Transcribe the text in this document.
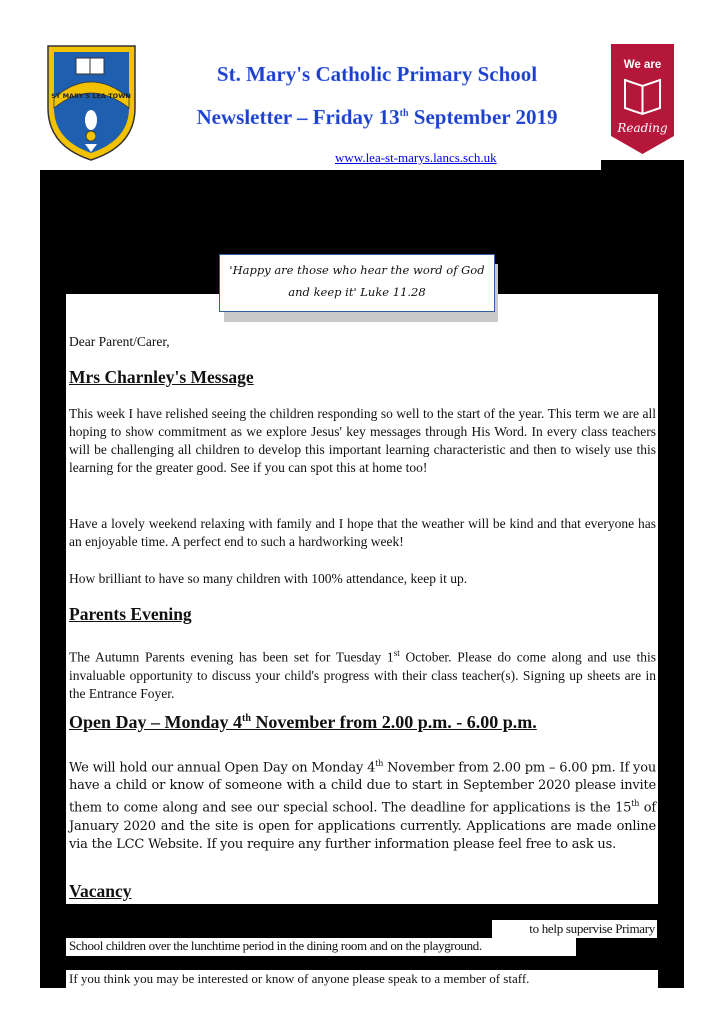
ST MARY'S LEA TOWN
We are
Reading
St. Mary's Catholic Primary School
Newsletter – Friday 13th September 2019
www.lea-st-marys.lancs.sch.uk
'Happy are those who hear the word of God
and keep it' Luke 11.28
Dear Parent/Carer,
Mrs Charnley's Message
This week I have relished seeing the children responding so well to the start of the year. This term we are all hoping to show commitment as we explore Jesus' key messages through His Word. In every class teachers will be challenging all children to develop this important learning characteristic and then to wisely use this learning for the greater good. See if you can spot this at home too!
Have a lovely weekend relaxing with family and I hope that the weather will be kind and that everyone has an enjoyable time. A perfect end to such a hardworking week!
How brilliant to have so many children with 100% attendance, keep it up.
Parents Evening
The Autumn Parents evening has been set for Tuesday 1st October. Please do come along and use this invaluable opportunity to discuss your child's progress with their class teacher(s). Signing up sheets are in the Entrance Foyer.
Open Day – Monday 4th November from 2.00 p.m. - 6.00 p.m.
We will hold our annual Open Day on Monday 4th November from 2.00 pm – 6.00 pm. If you have a child or know of someone with a child due to start in September 2020 please invite them to come along and see our special school. The deadline for applications is the 15th of January 2020 and the site is open for applications currently. Applications are made online via the LCC Website. If you require any further information please feel free to ask us.
Vacancy
to help supervise Primary
School children over the lunchtime period in the dining room and on the playground.
If you think you may be interested or know of anyone please speak to a member of staff.
